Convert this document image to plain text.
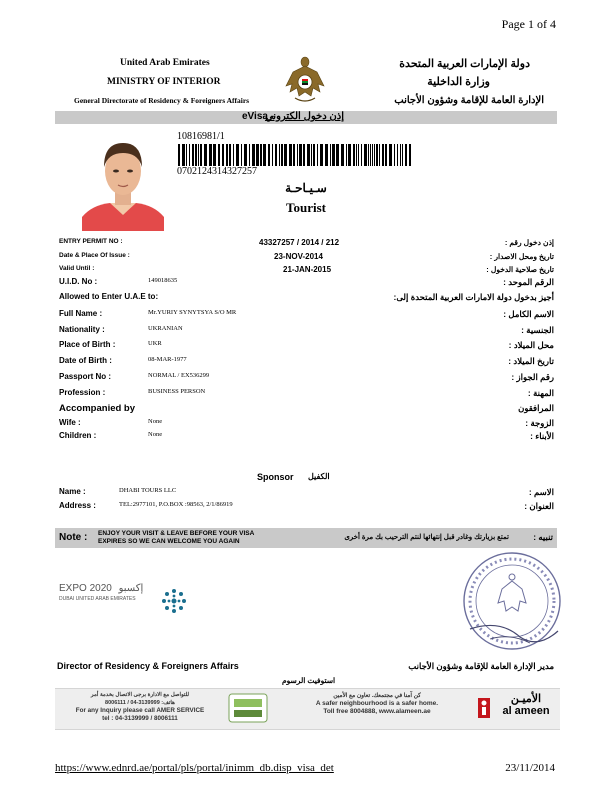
Page 1 of 4
United Arab Emirates
MINISTRY OF INTERIOR
General Directorate of Residency & Foreigners Affairs
دولة الإمارات العربية المتحدة
وزارة الداخلية
الإدارة العامة للإقامة وشؤون الأجانب
eVisa -
إذن دخول الكتروني
10816981/1
0702124314327257
سـيـاحـة
Tourist
ENTRY PERMIT NO :	43327257 / 2014 / 212	إذن دخول رقم :
Date & Place Of Issue :	23-NOV-2014	تاريخ ومحل الاصدار :
Valid Until :	21-JAN-2015	تاريخ صلاحية الدخول :
U.I.D. No :	149018635	الرقم الموحد :
Allowed to Enter U.A.E to:	أجيز بدخول دولة الامارات العربية المتحدة إلى:
Full Name :	Mr.YURIY SYNYTSYA S/O MR	الاسم الكامل :
Nationality :	UKRANIAN	الجنسية :
Place of Birth :	UKR	محل الميلاد :
Date of Birth :	08-MAR-1977	تاريخ الميلاد :
Passport No :	NORMAL / EX536299	رقم الجواز :
Profession :	BUSINESS PERSON	المهنة :
Accompanied by	المرافقون
Wife :	None	الزوجة :
Children :	None	الأبناء :
Sponsor الكفيل
Name :	DHABI TOURS LLC	الاسم :
Address :	TEL:2977101, P.O.BOX :98563, 2/1/86919	العنوان :
Note : ENJOY YOUR VISIT & LEAVE BEFORE YOUR VISA
EXPIRES SO WE CAN WELCOME YOU AGAIN
تمتع بزيارتك وغادر قبل إنتهائها لنتم الترحيب بك مرة أخرى	تنبيه :
EXPO 2020 إكسبو
DUBAI UNITED ARAB EMIRATES
Director of Residency & Foreigners Affairs	مدير الإدارة العامة للإقامة وشؤون الأجانب
استوفيت الرسوم
للتواصل مع الادارة برجى الاتصال بخدمة أمر
8006111 / 04-3139999 :هاتف
For any Inquiry please call AMER SERVICE
tel : 04-3139999 / 8006111
كن آمنا في مجتمعك. تعاون مع الأمين
A safer neighbourhood is a safer home.
Toll free 8004888, www.alameen.ae
الأميـن
al ameen
https://www.ednrd.ae/portal/pls/portal/inimm_db.disp_visa_det	23/11/2014
